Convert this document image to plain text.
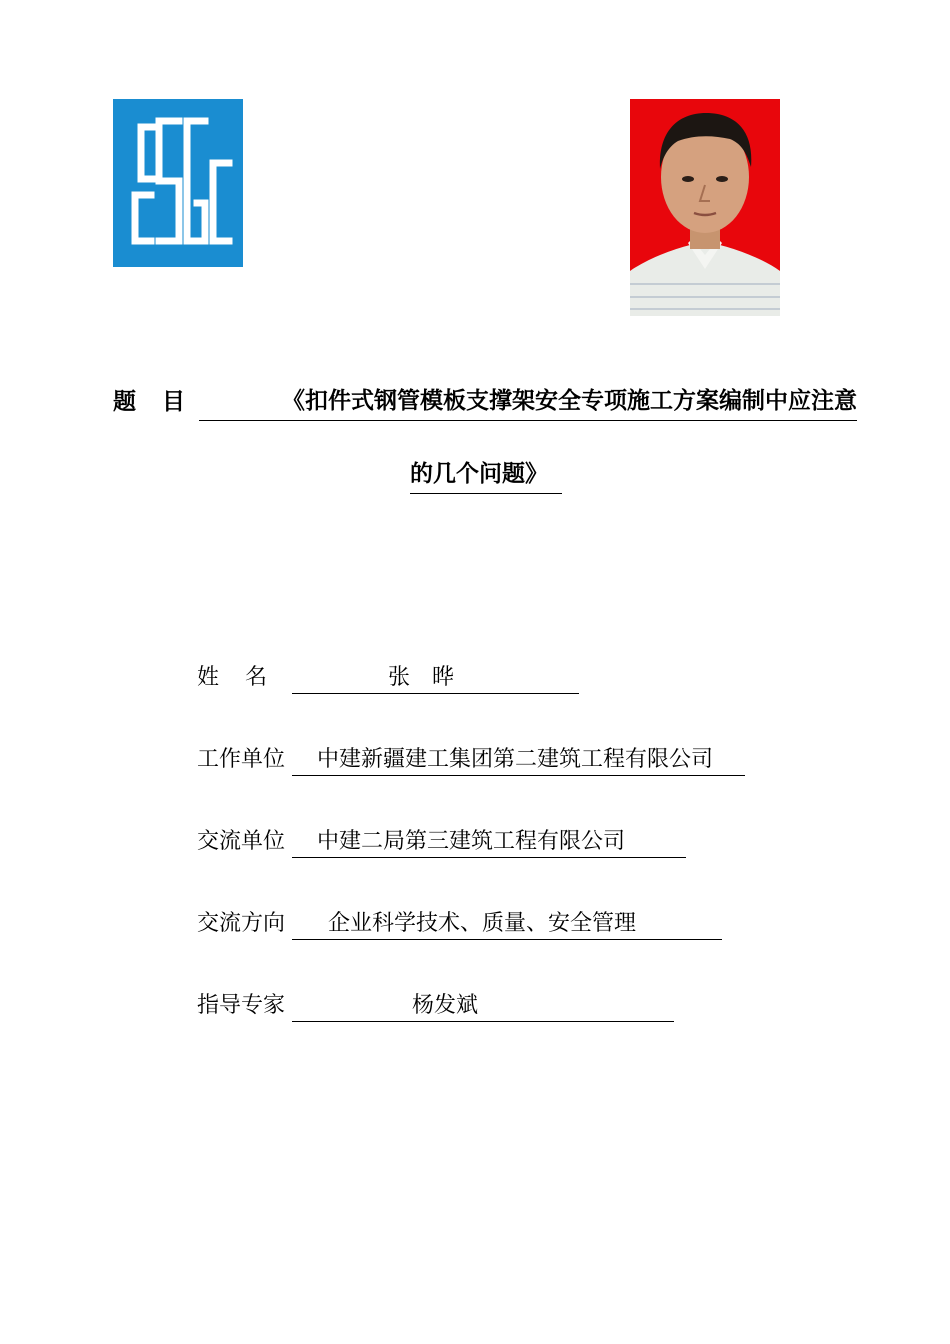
题目	《扣件式钢管模板支撑架安全专项施工方案编制中应注意
的几个问题》
姓名	张　晔
工作单位 中建新疆建工集团第二建筑工程有限公司
交流单位 中建二局第三建筑工程有限公司
交流方向 企业科学技术、质量、安全管理
指导专家	杨发斌
